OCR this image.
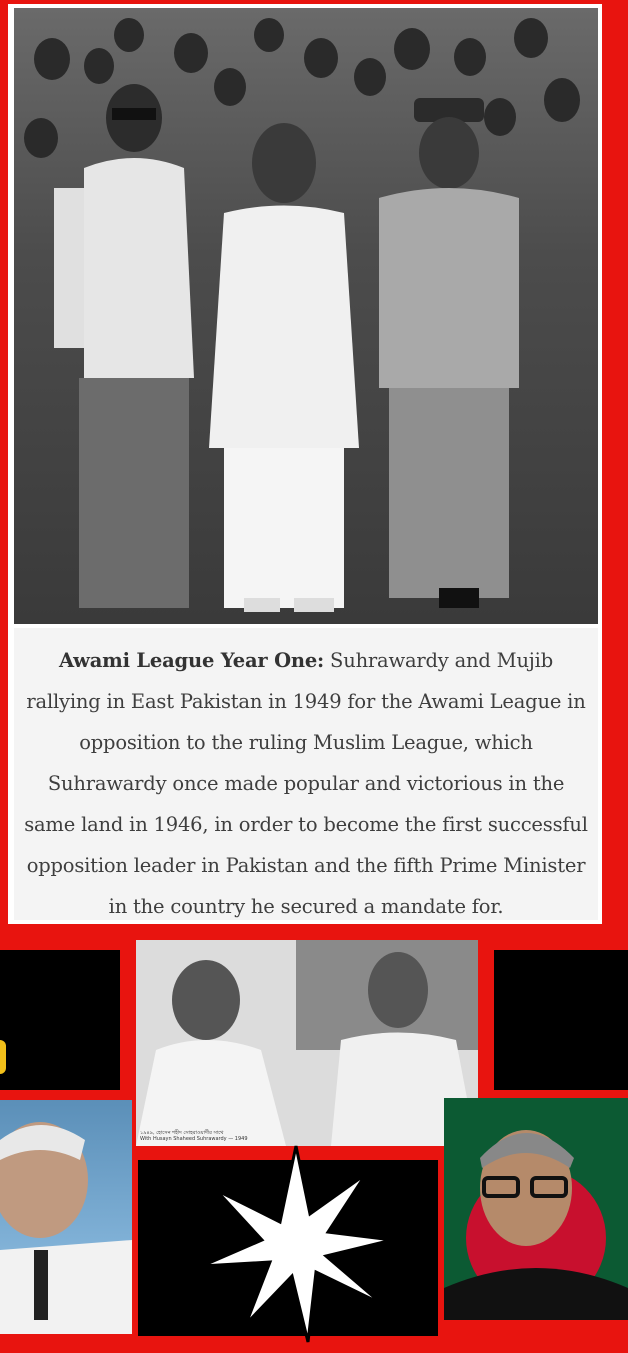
Awami League Year One: Suhrawardy and Mujib rallying in East Pakistan in 1949 for the Awami League in opposition to the ruling Muslim League, which Suhrawardy once made popular and victorious in the same land in 1946, in order to become the first successful opposition leader in Pakistan and the fifth Prime Minister in the country he secured a mandate for.

১৯৪৯, হোসেন শহীদ সোহরাওয়ার্দীর সাথে
With Husayn Shaheed Suhrawardy — 1949
